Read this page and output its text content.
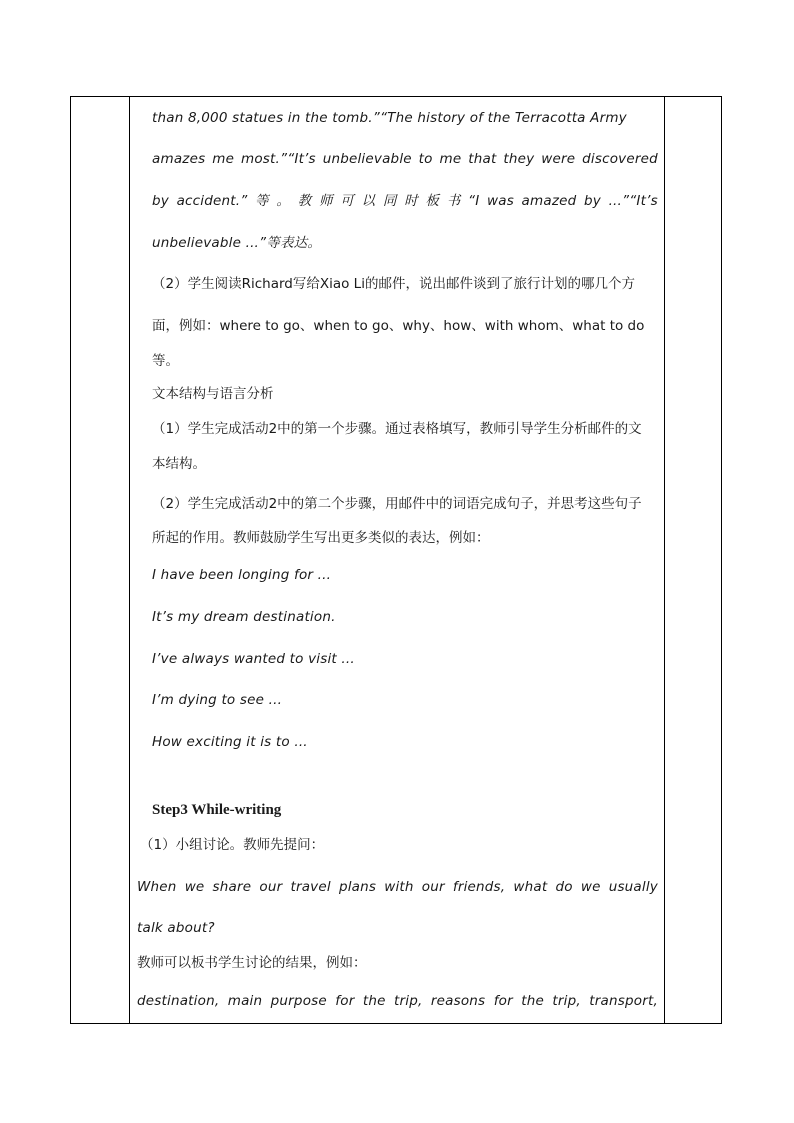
than 8,000 statues in the tomb.”“The history of the Terracotta Army
amazes me most.”“It’s unbelievable to me that they were discovered
by accident.” 等 。 教 师 可 以 同 时 板 书 “I was amazed by ...”“It’s
unbelievable ...”等表达。
（2）学生阅读Richard写给Xiao Li的邮件，说出邮件谈到了旅行计划的哪几个方
面，例如：where to go、when to go、why、how、with whom、what to do
等。
文本结构与语言分析
（1）学生完成活动2中的第一个步骤。通过表格填写，教师引导学生分析邮件的文
本结构。
（2）学生完成活动2中的第二个步骤，用邮件中的词语完成句子，并思考这些句子
所起的作用。教师鼓励学生写出更多类似的表达，例如：
I have been longing for ...
It’s my dream destination.
I’ve always wanted to visit ...
I’m dying to see ...
How exciting it is to ...
Step3 While-writing
（1）小组讨论。教师先提问：
When we share our travel plans with our friends, what do we usually
talk about?
教师可以板书学生讨论的结果，例如：
destination, main purpose for the trip, reasons for the trip, transport,
